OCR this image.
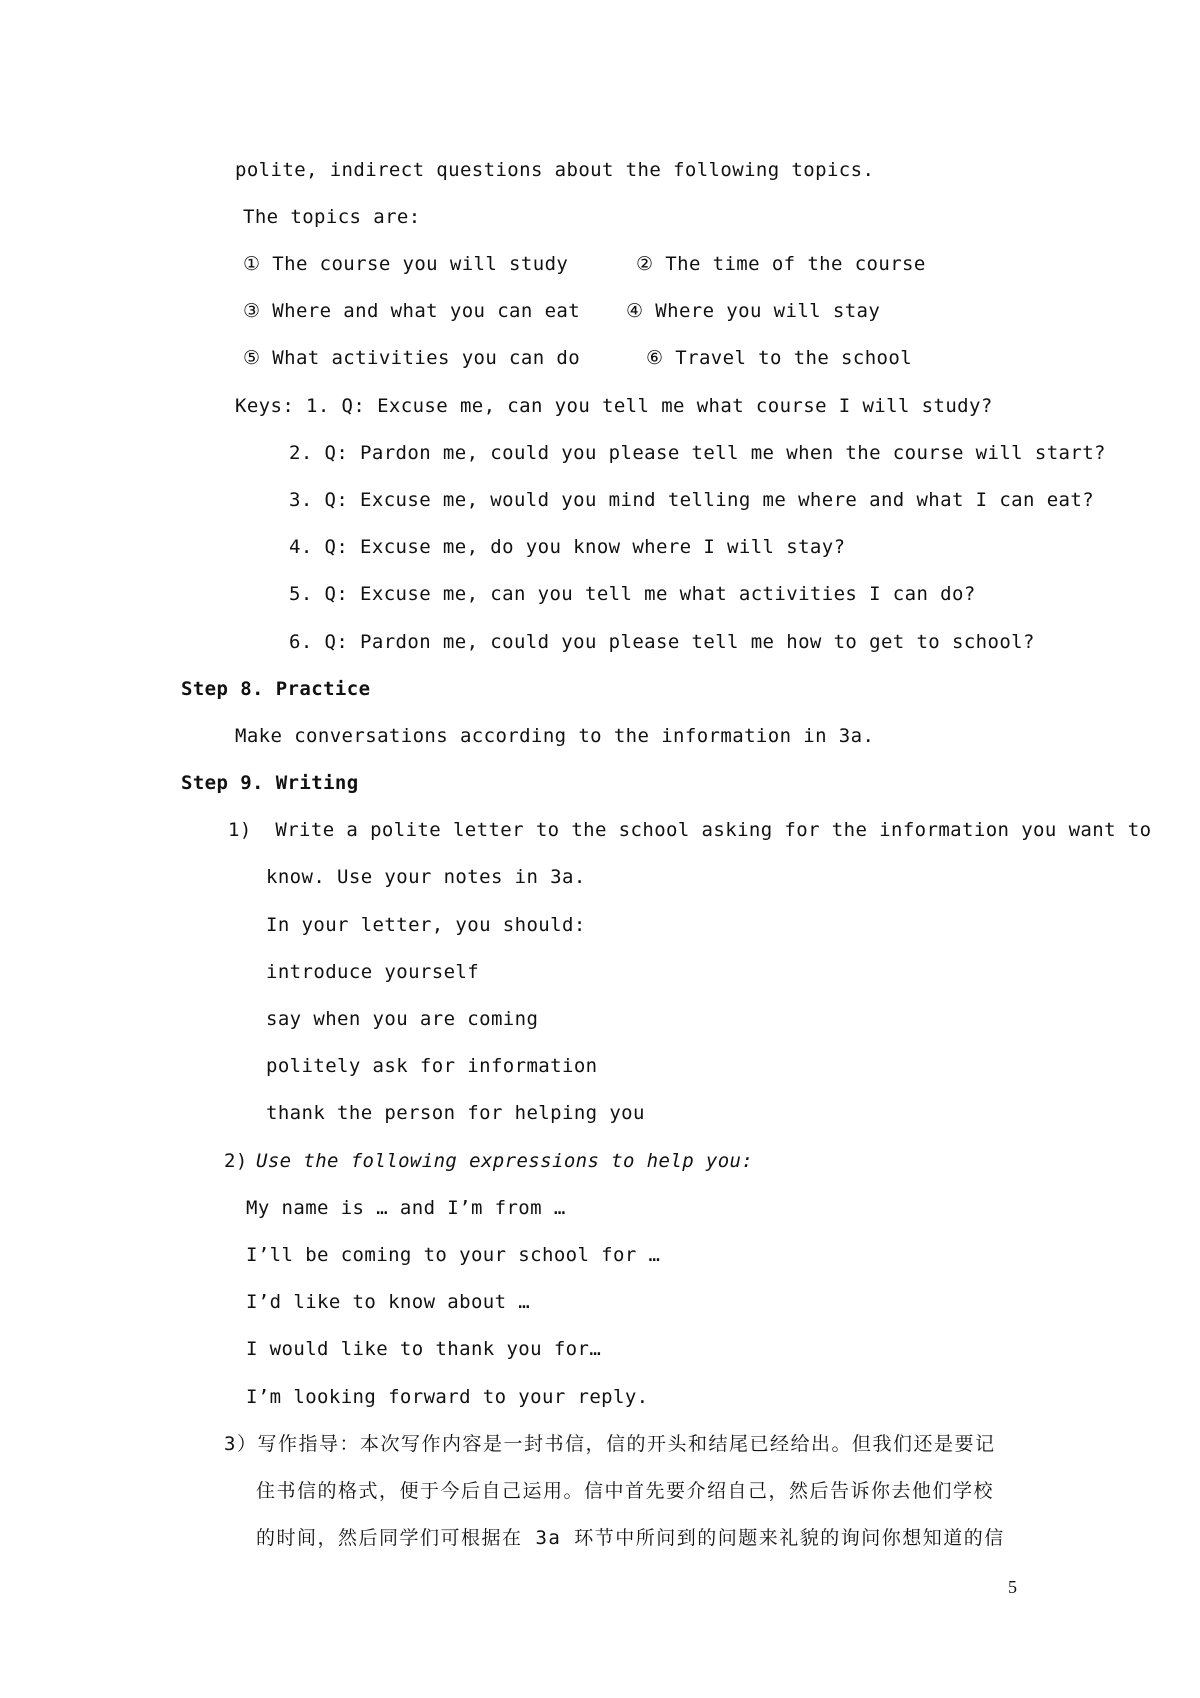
polite, indirect questions about the following topics.
The topics are:
① The course you will study	② The time of the course
③ Where and what you can eat ④ Where you will stay
⑤ What activities you can do	⑥ Travel to the school
Keys: 1. Q: Excuse me, can you tell me what course I will study?
2. Q: Pardon me, could you please tell me when the course will start?
3. Q: Excuse me, would you mind telling me where and what I can eat?
4. Q: Excuse me, do you know where I will stay?
5. Q: Excuse me, can you tell me what activities I can do?
6. Q: Pardon me, could you please tell me how to get to school?
Step 8. Practice
Make conversations according to the information in 3a.
Step 9. Writing
1)  Write a polite letter to the school asking for the information you want to
know. Use your notes in 3a.
In your letter, you should:
introduce yourself
say when you are coming
politely ask for information
thank the person for helping you
2) Use the following expressions to help you:
My name is … and I’m from …
I’ll be coming to your school for …
I’d like to know about …
I would like to thank you for…
I’m looking forward to your reply.
3）写作指导：本次写作内容是一封书信，信的开头和结尾已经给出。但我们还是要记
住书信的格式，便于今后自己运用。信中首先要介绍自己，然后告诉你去他们学校
的时间，然后同学们可根据在 3a 环节中所问到的问题来礼貌的询问你想知道的信
5
